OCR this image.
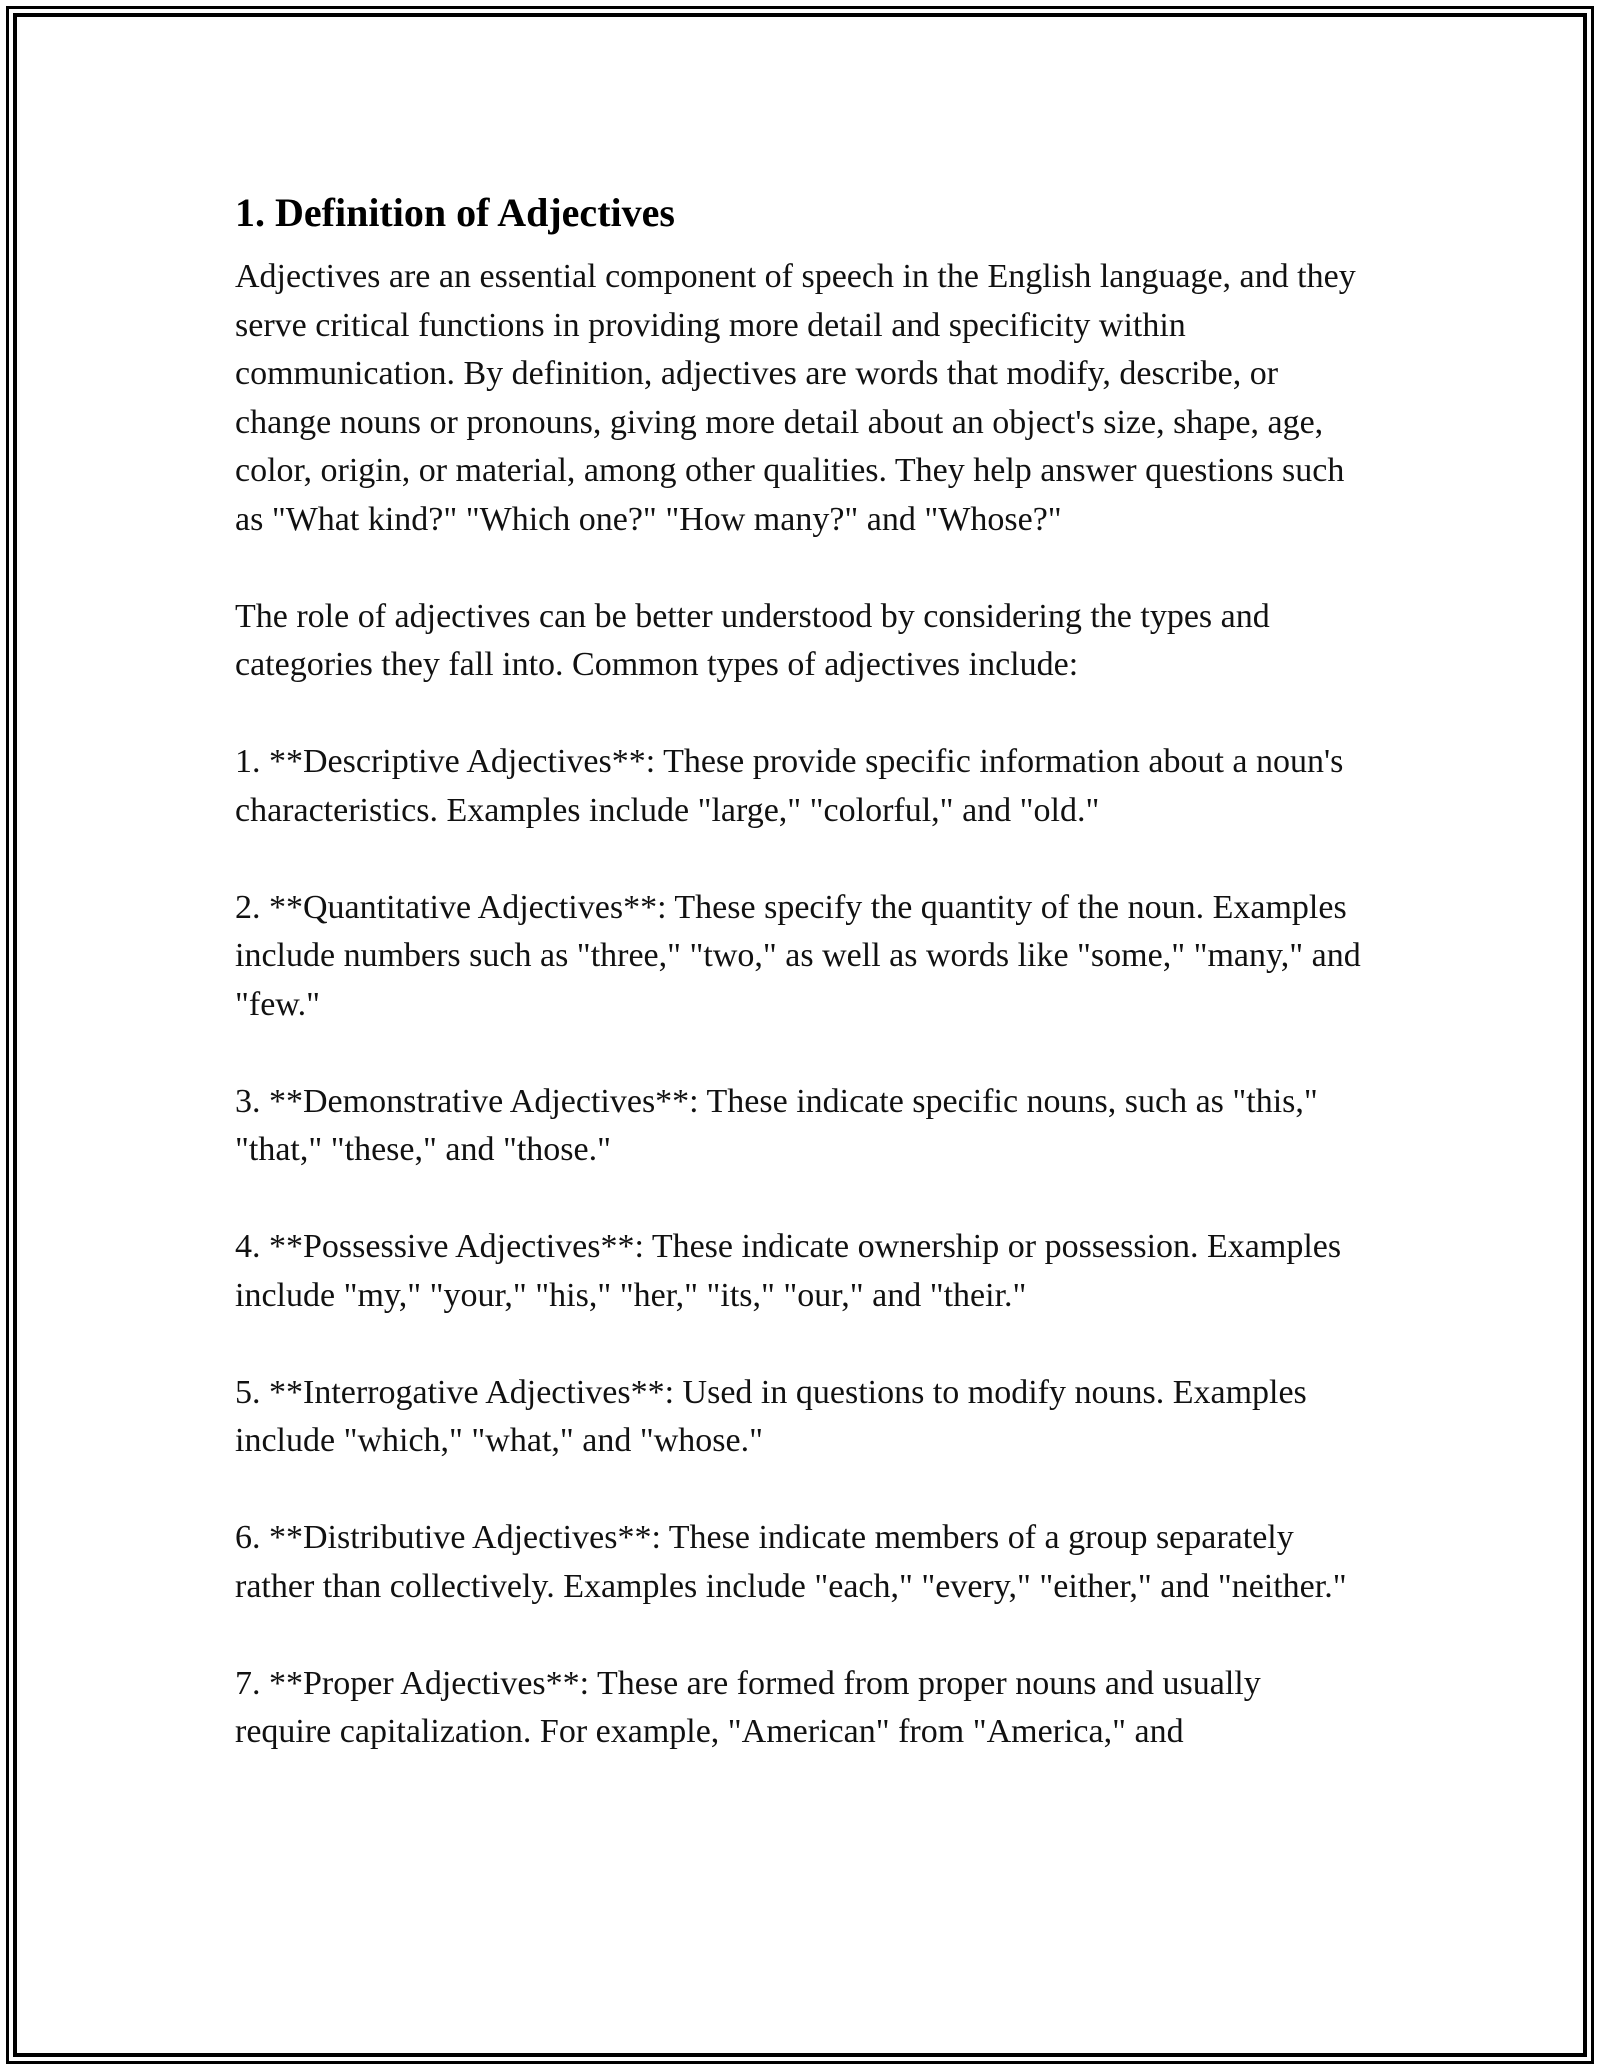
1. Definition of Adjectives

Adjectives are an essential component of speech in the English language, and they serve critical functions in providing more detail and specificity within communication. By definition, adjectives are words that modify, describe, or change nouns or pronouns, giving more detail about an object's size, shape, age, color, origin, or material, among other qualities. They help answer questions such as "What kind?" "Which one?" "How many?" and "Whose?"

The role of adjectives can be better understood by considering the types and categories they fall into. Common types of adjectives include:

1. **Descriptive Adjectives**: These provide specific information about a noun's characteristics. Examples include "large," "colorful," and "old."

2. **Quantitative Adjectives**: These specify the quantity of the noun. Examples include numbers such as "three," "two," as well as words like "some," "many," and "few."

3. **Demonstrative Adjectives**: These indicate specific nouns, such as "this," "that," "these," and "those."

4. **Possessive Adjectives**: These indicate ownership or possession. Examples include "my," "your," "his," "her," "its," "our," and "their."

5. **Interrogative Adjectives**: Used in questions to modify nouns. Examples include "which," "what," and "whose."

6. **Distributive Adjectives**: These indicate members of a group separately rather than collectively. Examples include "each," "every," "either," and "neither."

7. **Proper Adjectives**: These are formed from proper nouns and usually require capitalization. For example, "American" from "America," and
